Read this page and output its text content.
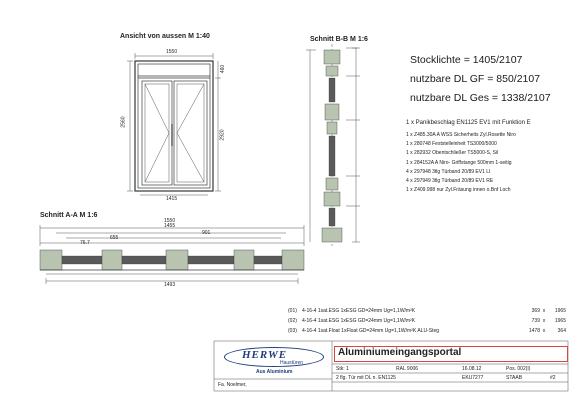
Ansicht von aussen M 1:40
1550
2560
460
2920
1415
Schnitt B-B M 1:6
Schnitt A-A M 1:6
1550
1455
901
655
76.7
1493
Stocklichte = 1405/2107
nutzbare DL GF = 850/2107
nutzbare DL Ges = 1338/2107
1 x Panikbeschlag EN1125 EV1 mit Funktion E
1 x Z485.30A A WSS Sicherheits Zyl.Rosette Niro
1 x 280748 Feststelleinheit TS3000/5000
1 x 282932 Obentschließer TS5000-S, Sil
1 x 284152A A Niro- Griffstange 500mm 1-seitig
4 x 297948 3tlg Türband 20/89 EV1 LI
4 x 297949 3tlg Türband 20/89 EV1 RE
1 x Z409.998 nur Zyl.Fräsung innen o.Bnf Loch
(01)	4-16-4 1sat.ESG 1xESG GD=24mm Ug=1,1W/m²K	369 x	1965
(02)	4-16-4 1sat.ESG 1xESG GD=24mm Ug=1,1W/m²K	739 x	1965
(03)	4-16-4 1sat.Float 1xFloat GD=24mm Ug=1,1W/m²K ALU-Steg	1478 x	364
HERWE
Haustüren
Aus Aluminium
Fa. Noelmer,
Aluminiumeingangsportal
Stk: 1	RAL 9006	16.08.12	Pos. 002(I)
2 flg. Tür mit DL n. EN1125	EKU7277	STAAB	#2
